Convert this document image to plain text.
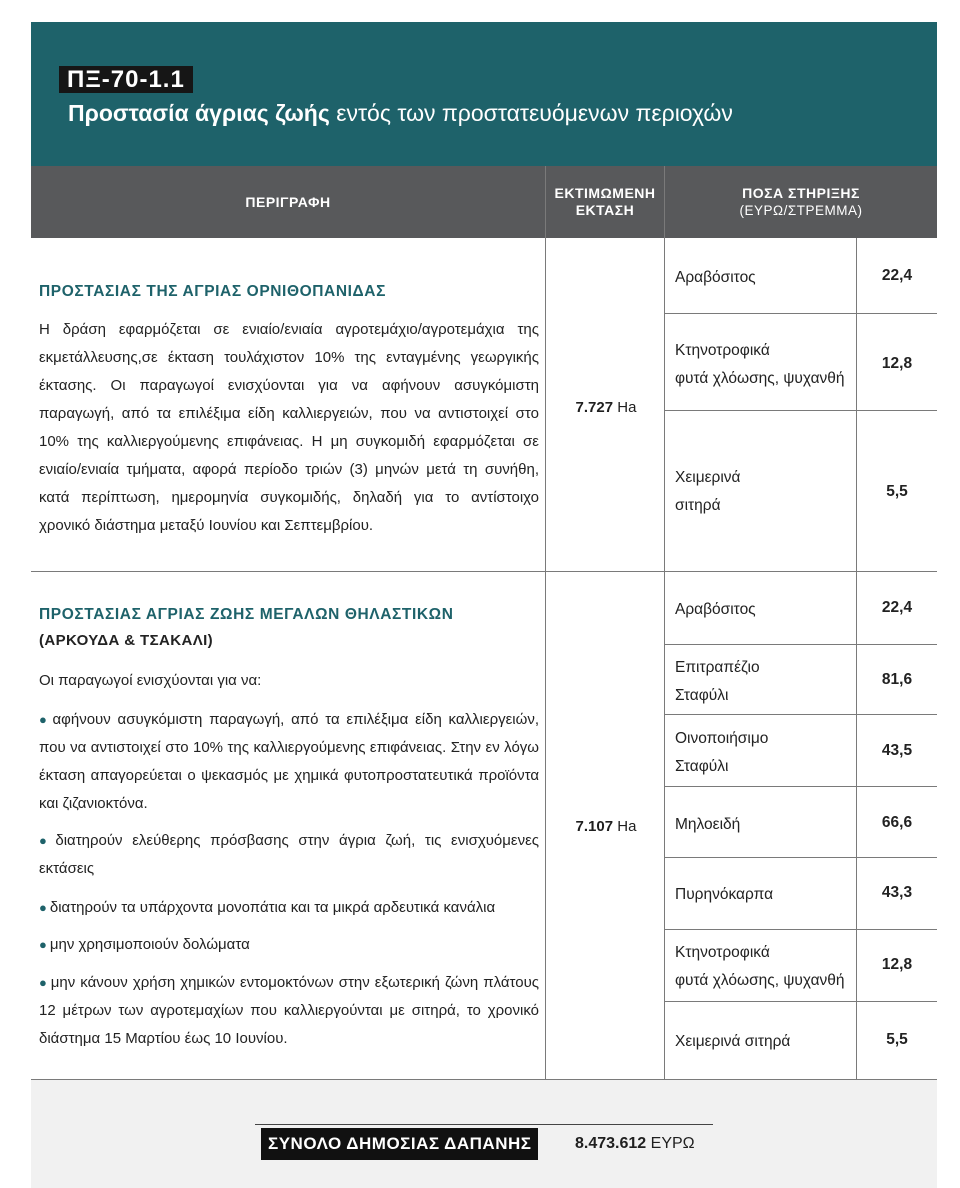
ΠΞ-70-1.1
Προστασία άγριας ζωής εντός των προστατευόμενων περιοχών
ΠΕΡΙΓΡΑΦΗ
ΕΚΤΙΜΩΜΕΝΗ
ΕΚΤΑΣΗ
ΠΟΣΑ ΣΤΗΡΙΞΗΣ
(ΕΥΡΩ/ΣΤΡΕΜΜΑ)
ΠΡΟΣΤΑΣΙΑΣ ΤΗΣ ΑΓΡΙΑΣ ΟΡΝΙΘΟΠΑΝΙΔΑΣ
Η δράση εφαρμόζεται σε ενιαίο/ενιαία αγροτεμάχιο/αγροτεμάχια της εκμετάλλευσης,σε έκταση τουλάχιστον 10% της ενταγμένης γεωργικής έκτασης. Οι παραγωγοί ενισχύονται για να αφήνουν ασυγκόμιστη παραγωγή, από τα επιλέξιμα είδη καλλιεργειών, που να αντιστοιχεί στο 10% της καλλιεργούμενης επιφάνειας. Η μη συγκομιδή εφαρμόζεται σε ενιαίο/ενιαία τμήματα, αφορά περίοδο τριών (3) μηνών μετά τη συνήθη, κατά περίπτωση, ημερομηνία συγκομιδής, δηλαδή για το αντίστοιχο χρονικό διάστημα μεταξύ Ιουνίου και Σεπτεμβρίου.
7.727 Ha
Αραβόσιτος	22,4
Κτηνοτροφικά
φυτά χλόωσης, ψυχανθή
12,8
Χειμερινά
σιτηρά
5,5
ΠΡΟΣΤΑΣΙΑΣ ΑΓΡΙΑΣ ΖΩΗΣ ΜΕΓΑΛΩΝ ΘΗΛΑΣΤΙΚΩΝ
(ΑΡΚΟΥΔΑ & ΤΣΑΚΑΛΙ)
Οι παραγωγοί ενισχύονται για να:
● αφήνουν ασυγκόμιστη παραγωγή, από τα επιλέξιμα είδη καλλιεργειών, που να αντιστοιχεί στο 10% της καλλιεργούμενης επιφάνειας. Στην εν λόγω έκταση απαγορεύεται ο ψεκασμός με χημικά φυτοπροστατευτικά προϊόντα και ζιζανιοκτόνα.
● διατηρούν ελεύθερης πρόσβασης στην άγρια ζωή, τις ενισχυόμενες εκτάσεις
● διατηρούν τα υπάρχοντα μονοπάτια και τα μικρά αρδευτικά κανάλια
● μην χρησιμοποιούν δολώματα
● μην κάνουν χρήση χημικών εντομοκτόνων στην εξωτερική ζώνη πλάτους 12 μέτρων των αγροτεμαχίων που καλλιεργούνται με σιτηρά, το χρονικό διάστημα 15 Μαρτίου έως 10 Ιουνίου.
7.107 Ha
Αραβόσιτος	22,4
Επιτραπέζιο
Σταφύλι
81,6
Οινοποιήσιμο
Σταφύλι
43,5
Μηλοειδή	66,6
Πυρηνόκαρπα	43,3
Κτηνοτροφικά
φυτά χλόωσης, ψυχανθή
12,8
Χειμερινά σιτηρά	5,5
ΣΥΝΟΛΟ ΔΗΜΟΣΙΑΣ ΔΑΠΑΝΗΣ	8.473.612 ΕΥΡΩ
